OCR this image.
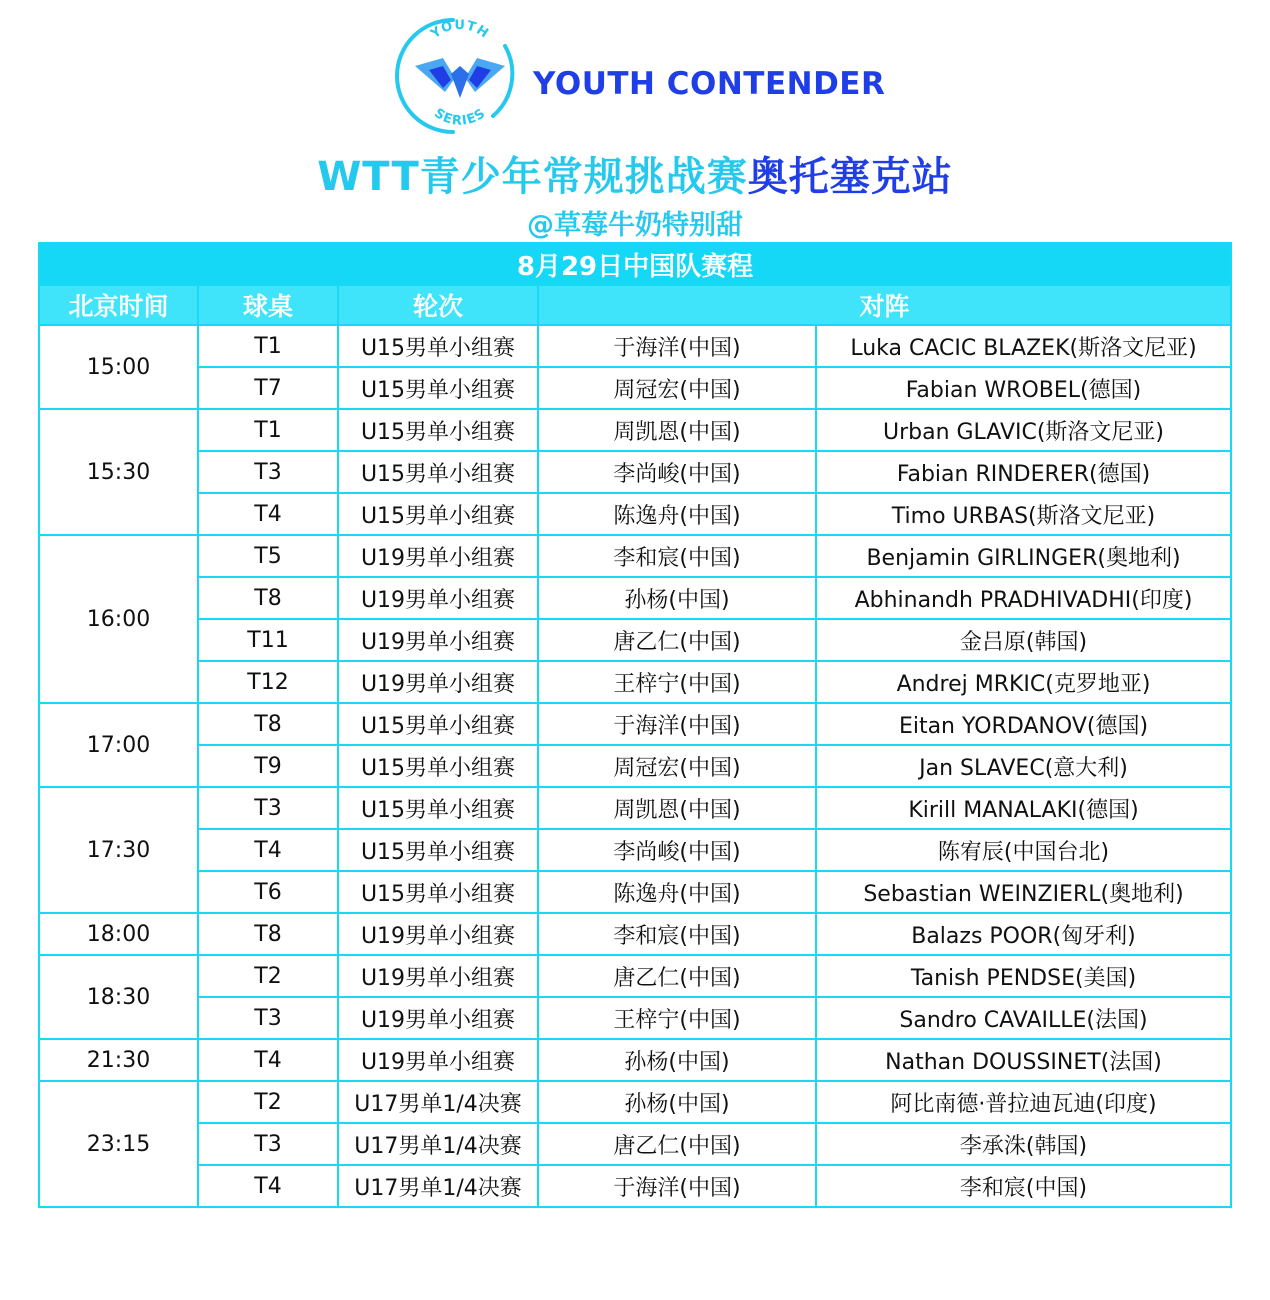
YOUTH
SERIES
YOUTH CONTENDER
WTT青少年常规挑战赛奥托塞克站
@草莓牛奶特别甜
8月29日中国队赛程				
北京时间	球桌	轮次	对阵	
15:00	T1	U15男单小组赛	于海洋(中国)	Luka CACIC BLAZEK(斯洛文尼亚)
	T7	U15男单小组赛	周冠宏(中国)	Fabian WROBEL(德国)
15:30	T1	U15男单小组赛	周凯恩(中国)	Urban GLAVIC(斯洛文尼亚)
	T3	U15男单小组赛	李尚峻(中国)	Fabian RINDERER(德国)
	T4	U15男单小组赛	陈逸舟(中国)	Timo URBAS(斯洛文尼亚)
16:00	T5	U19男单小组赛	李和宸(中国)	Benjamin GIRLINGER(奥地利)
	T8	U19男单小组赛	孙杨(中国)	Abhinandh PRADHIVADHI(印度)
	T11	U19男单小组赛	唐乙仁(中国)	金吕原(韩国)
	T12	U19男单小组赛	王梓宁(中国)	Andrej MRKIC(克罗地亚)
17:00	T8	U15男单小组赛	于海洋(中国)	Eitan YORDANOV(德国)
	T9	U15男单小组赛	周冠宏(中国)	Jan SLAVEC(意大利)
17:30	T3	U15男单小组赛	周凯恩(中国)	Kirill MANALAKI(德国)
	T4	U15男单小组赛	李尚峻(中国)	陈宥辰(中国台北)
	T6	U15男单小组赛	陈逸舟(中国)	Sebastian WEINZIERL(奥地利)
18:00	T8	U19男单小组赛	李和宸(中国)	Balazs POOR(匈牙利)
18:30	T2	U19男单小组赛	唐乙仁(中国)	Tanish PENDSE(美国)
	T3	U19男单小组赛	王梓宁(中国)	Sandro CAVAILLE(法国)
21:30	T4	U19男单小组赛	孙杨(中国)	Nathan DOUSSINET(法国)
23:15	T2	U17男单1/4决赛	孙杨(中国)	阿比南德·普拉迪瓦迪(印度)
	T3	U17男单1/4决赛	唐乙仁(中国)	李承洙(韩国)
	T4	U17男单1/4决赛	于海洋(中国)	李和宸(中国)
